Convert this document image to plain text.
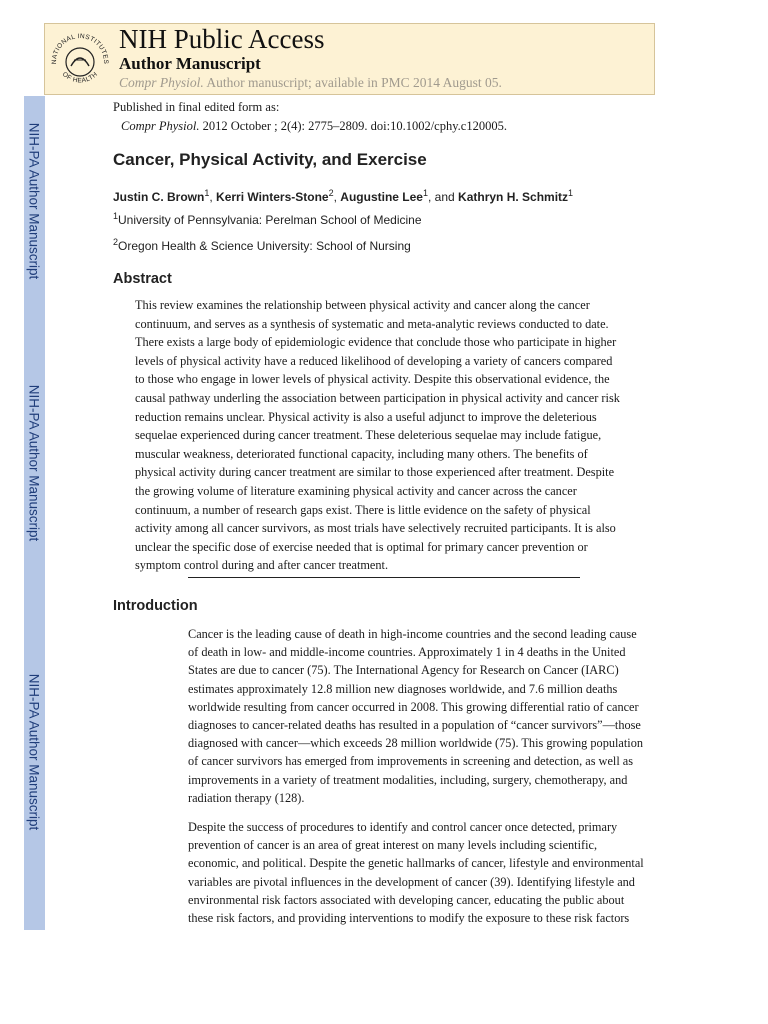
NIH-PA Author Manuscript
NIH-PA Author Manuscript
NIH-PA Author Manuscript
NATIONAL INSTITUTES
OF HEALTH
NIH Public Access
Author Manuscript
Compr Physiol. Author manuscript; available in PMC 2014 August 05.
Published in final edited form as:
Compr Physiol. 2012 October ; 2(4): 2775–2809. doi:10.1002/cphy.c120005.
Cancer, Physical Activity, and Exercise
Justin C. Brown$^1$, Kerri Winters-Stone$^2$, Augustine Lee$^1$, and Kathryn H. Schmitz$^1$
$^1$University of Pennsylvania: Perelman School of Medicine
$^2$Oregon Health & Science University: School of Nursing
Abstract
This review examines the relationship between physical activity and cancer along the cancer
continuum, and serves as a synthesis of systematic and meta-analytic reviews conducted to date.
There exists a large body of epidemiologic evidence that conclude those who participate in higher
levels of physical activity have a reduced likelihood of developing a variety of cancers compared
to those who engage in lower levels of physical activity. Despite this observational evidence, the
causal pathway underling the association between participation in physical activity and cancer risk
reduction remains unclear. Physical activity is also a useful adjunct to improve the deleterious
sequelae experienced during cancer treatment. These deleterious sequelae may include fatigue,
muscular weakness, deteriorated functional capacity, including many others. The benefits of
physical activity during cancer treatment are similar to those experienced after treatment. Despite
the growing volume of literature examining physical activity and cancer across the cancer
continuum, a number of research gaps exist. There is little evidence on the safety of physical
activity among all cancer survivors, as most trials have selectively recruited participants. It is also
unclear the specific dose of exercise needed that is optimal for primary cancer prevention or
symptom control during and after cancer treatment.
Introduction
Cancer is the leading cause of death in high-income countries and the second leading cause
of death in low- and middle-income countries. Approximately 1 in 4 deaths in the United
States are due to cancer (75). The International Agency for Research on Cancer (IARC)
estimates approximately 12.8 million new diagnoses worldwide, and 7.6 million deaths
worldwide resulting from cancer occurred in 2008. This growing differential ratio of cancer
diagnoses to cancer-related deaths has resulted in a population of “cancer survivors”—those
diagnosed with cancer—which exceeds 28 million worldwide (75). This growing population
of cancer survivors has emerged from improvements in screening and detection, as well as
improvements in a variety of treatment modalities, including, surgery, chemotherapy, and
radiation therapy (128).
Despite the success of procedures to identify and control cancer once detected, primary
prevention of cancer is an area of great interest on many levels including scientific,
economic, and political. Despite the genetic hallmarks of cancer, lifestyle and environmental
variables are pivotal influences in the development of cancer (39). Identifying lifestyle and
environmental risk factors associated with developing cancer, educating the public about
these risk factors, and providing interventions to modify the exposure to these risk factors
